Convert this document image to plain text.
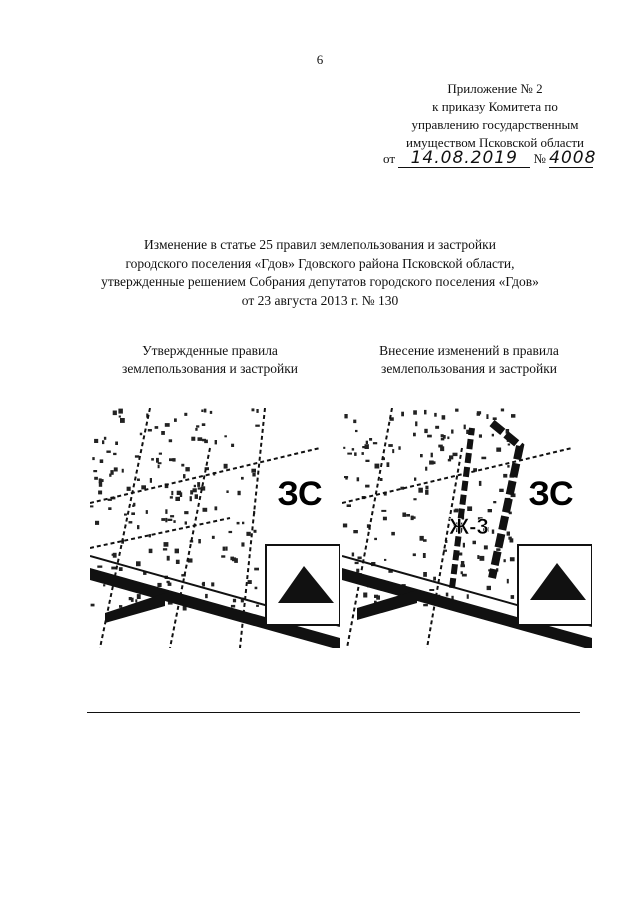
6
Приложение № 2
к приказу Комитета по
управлению государственным
имуществом Псковской области
от 14.08.2019 № 4008
Изменение в статье 25 правил землепользования и застройки
городского поселения «Гдов» Гдовского района Псковской области,
утвержденные решением Собрания депутатов городского поселения «Гдов»
от 23 августа 2013 г. № 130
Утвержденные правила
землепользования и застройки
Внесение изменений в правила
землепользования и застройки
ЗС
Ж-3
ЗС
